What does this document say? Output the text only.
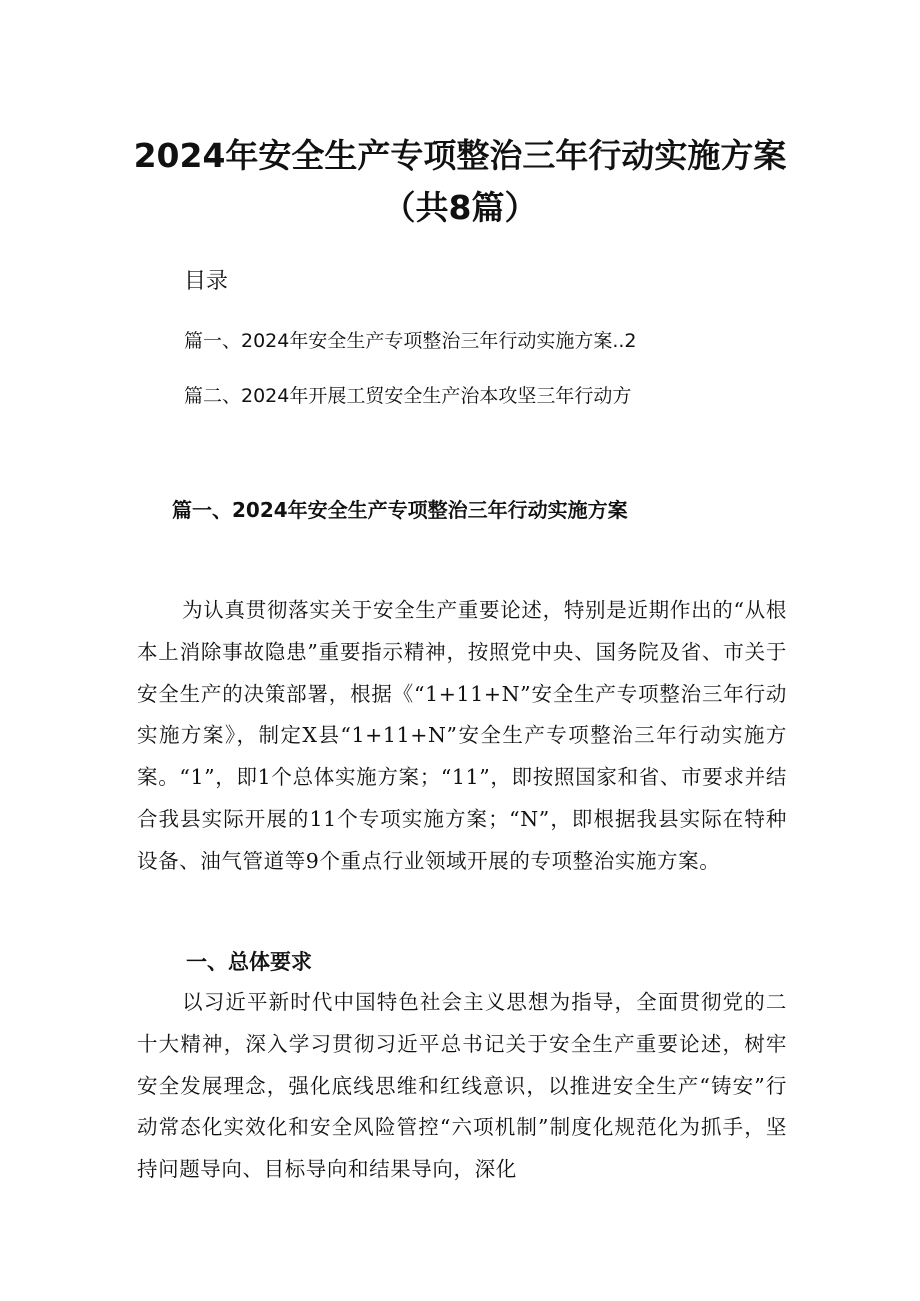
2024年安全生产专项整治三年行动实施方案（共8篇）
目录
篇一、2024年安全生产专项整治三年行动实施方案..2
篇二、2024年开展工贸安全生产治本攻坚三年行动方
篇一、2024年安全生产专项整治三年行动实施方案

为认真贯彻落实关于安全生产重要论述，特别是近期作出的“从根本上消除事故隐患”重要指示精神，按照党中央、国务院及省、市关于安全生产的决策部署，根据《“1+11+N”安全生产专项整治三年行动实施方案》，制定X县“1+11+N”安全生产专项整治三年行动实施方案。“1”，即1个总体实施方案；“11”，即按照国家和省、市要求并结合我县实际开展的11个专项实施方案；“N”，即根据我县实际在特种设备、油气管道等9个重点行业领域开展的专项整治实施方案。

一、总体要求

以习近平新时代中国特色社会主义思想为指导，全面贯彻党的二十大精神，深入学习贯彻习近平总书记关于安全生产重要论述，树牢安全发展理念，强化底线思维和红线意识，以推进安全生产“铸安”行动常态化实效化和安全风险管控“六项机制”制度化规范化为抓手，坚持问题导向、目标导向和结果导向，深化
